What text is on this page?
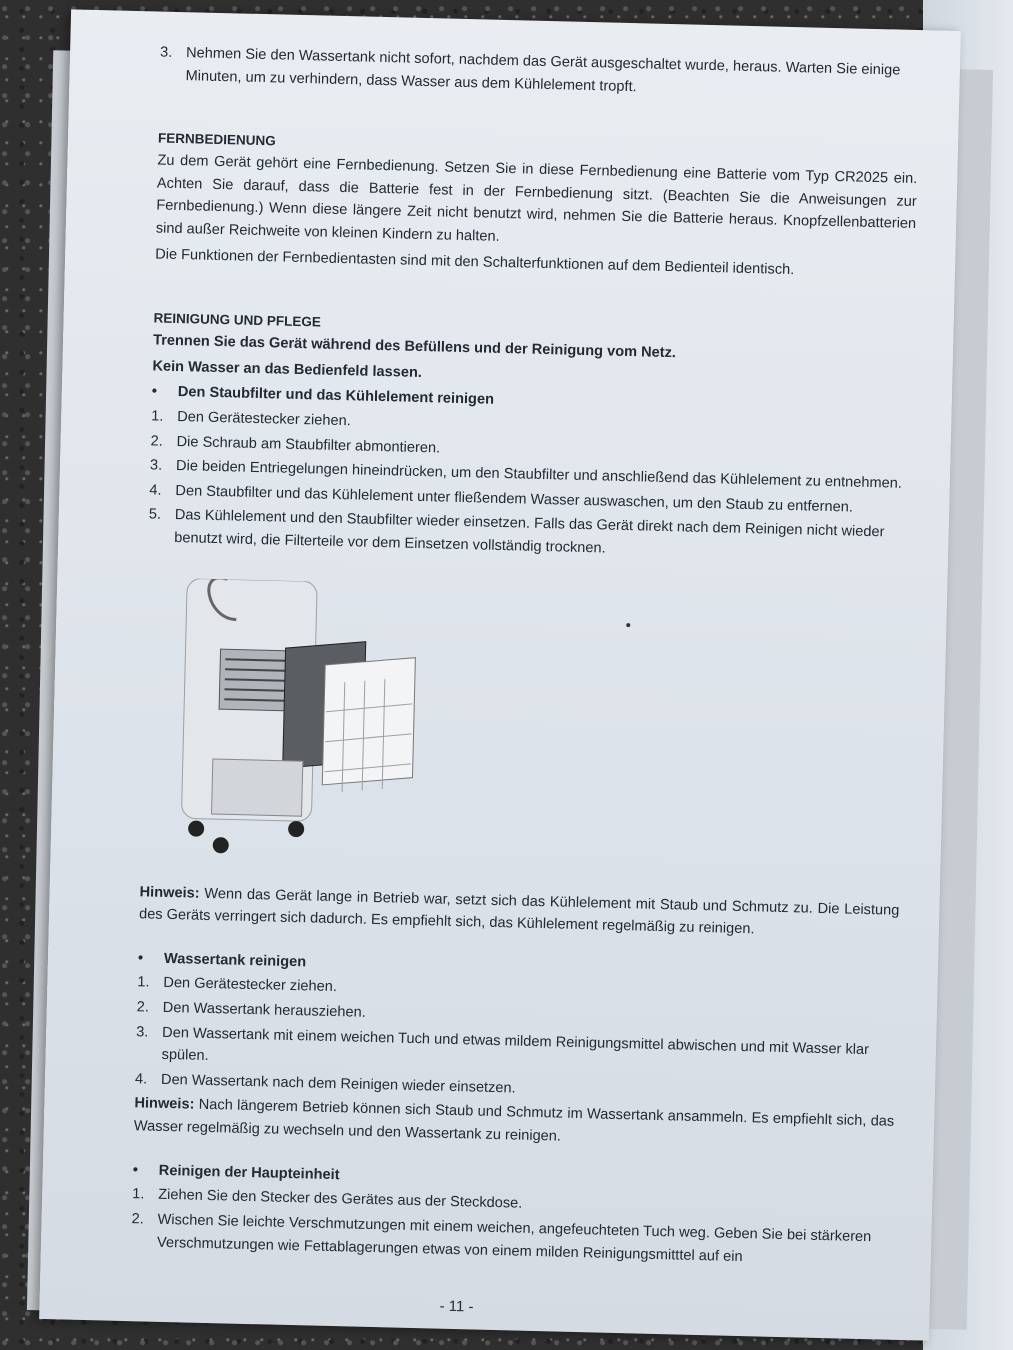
3. Nehmen Sie den Wassertank nicht sofort, nachdem das Gerät ausgeschaltet wurde, heraus. Warten Sie einige Minuten, um zu verhindern, dass Wasser aus dem Kühlelement tropft.
FERNBEDIENUNG

Zu dem Gerät gehört eine Fernbedienung. Setzen Sie in diese Fernbedienung eine Batterie vom Typ CR2025 ein. Achten Sie darauf, dass die Batterie fest in der Fernbedienung sitzt. (Beachten Sie die Anweisungen zur Fernbedienung.) Wenn diese längere Zeit nicht benutzt wird, nehmen Sie die Batterie heraus. Knopfzellenbatterien sind außer Reichweite von kleinen Kindern zu halten.

Die Funktionen der Fernbedientasten sind mit den Schalterfunktionen auf dem Bedienteil identisch.

REINIGUNG UND PFLEGE

Trennen Sie das Gerät während des Befüllens und der Reinigung vom Netz.

Kein Wasser an das Bedienfeld lassen.

•	Den Staubfilter und das Kühlelement reinigen
1. Den Gerätestecker ziehen.
2. Die Schraub am Staubfilter abmontieren.
3. Die beiden Entriegelungen hineindrücken, um den Staubfilter und anschließend das Kühlelement zu entnehmen.
4. Den Staubfilter und das Kühlelement unter fließendem Wasser auswaschen, um den Staub zu entfernen.
5. Das Kühlelement und den Staubfilter wieder einsetzen. Falls das Gerät direkt nach dem Reinigen nicht wieder benutzt wird, die Filterteile vor dem Einsetzen vollständig trocknen.

Hinweis: Wenn das Gerät lange in Betrieb war, setzt sich das Kühlelement mit Staub und Schmutz zu. Die Leistung des Geräts verringert sich dadurch. Es empfiehlt sich, das Kühlelement regelmäßig zu reinigen.

•	Wassertank reinigen
1. Den Gerätestecker ziehen.
2. Den Wassertank herausziehen.
3. Den Wassertank mit einem weichen Tuch und etwas mildem Reinigungsmittel abwischen und mit Wasser klar spülen.
4. Den Wassertank nach dem Reinigen wieder einsetzen.

Hinweis: Nach längerem Betrieb können sich Staub und Schmutz im Wassertank ansammeln. Es empfiehlt sich, das Wasser regelmäßig zu wechseln und den Wassertank zu reinigen.

•	Reinigen der Haupteinheit
1. Ziehen Sie den Stecker des Gerätes aus der Steckdose.
2. Wischen Sie leichte Verschmutzungen mit einem weichen, angefeuchteten Tuch weg. Geben Sie bei stärkeren Verschmutzungen wie Fettablagerungen etwas von einem milden Reinigungsmitttel auf ein
- 11 -
